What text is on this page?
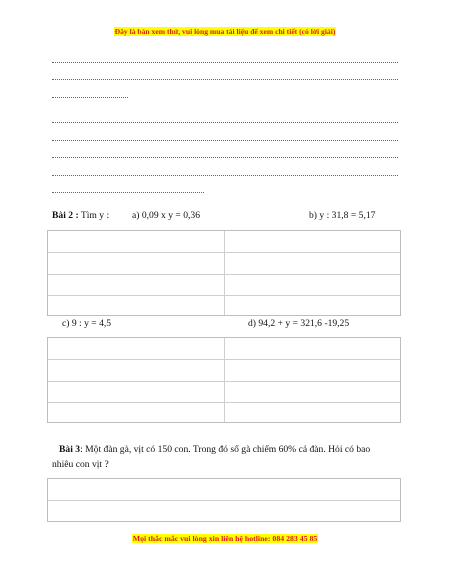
Đây là bản xem thử, vui lòng mua tải liệu để xem chi tiết (có lời giải)
Bài 2 : Tìm y : a) 0,09 x y = 0,36	b) y : 31,8 = 5,17
c) 9 : y = 4,5	d) 94,2 + y = 321,6 -19,25
Bài 3: Một đàn gà, vịt có 150 con. Trong đó số gà chiếm 60% cả đàn. Hỏi có bao
nhiêu con vịt ?
Mọi thắc mắc vui lòng xin liên hệ hotline: 084 283 45 85
